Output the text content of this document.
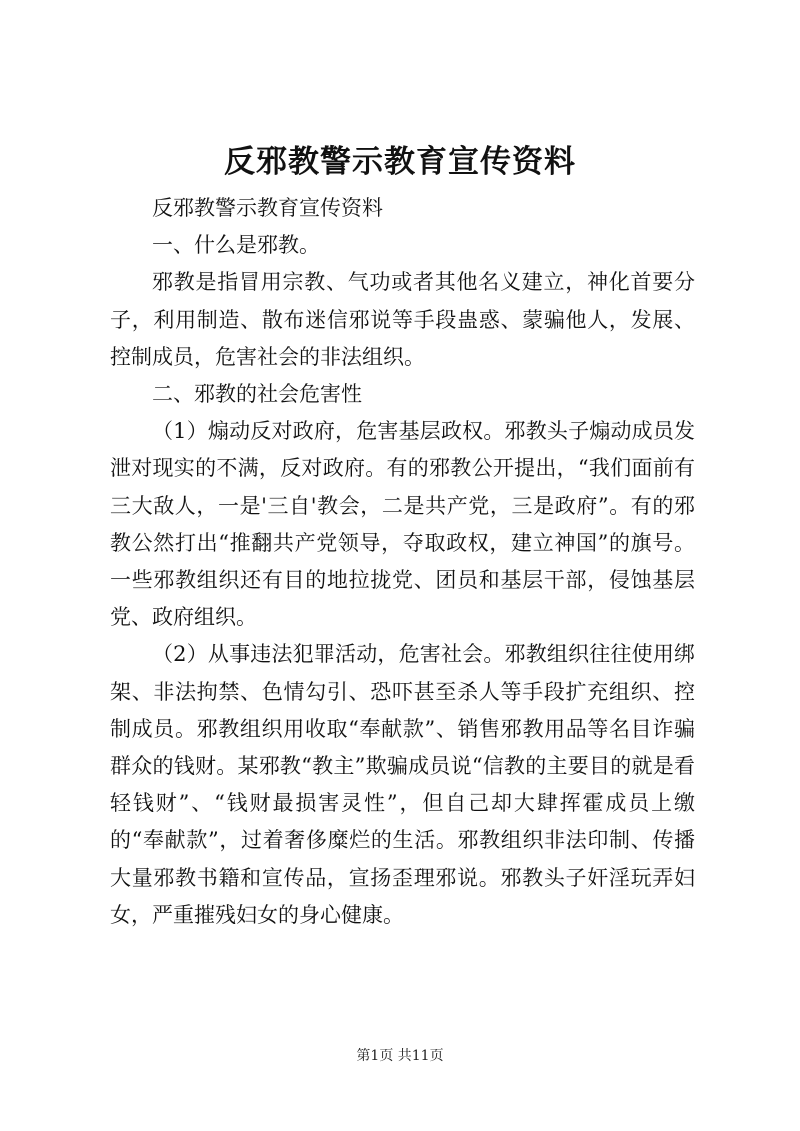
反邪教警示教育宣传资料

反邪教警示教育宣传资料

一、什么是邪教。

邪教是指冒用宗教、气功或者其他名义建立，神化首要分子，利用制造、散布迷信邪说等手段蛊惑、蒙骗他人，发展、控制成员，危害社会的非法组织。

二、邪教的社会危害性

（1）煽动反对政府，危害基层政权。邪教头子煽动成员发泄对现实的不满，反对政府。有的邪教公开提出，“我们面前有三大敌人，一是'三自'教会，二是共产党，三是政府”。有的邪教公然打出“推翻共产党领导，夺取政权，建立神国”的旗号。一些邪教组织还有目的地拉拢党、团员和基层干部，侵蚀基层党、政府组织。

（2）从事违法犯罪活动，危害社会。邪教组织往往使用绑架、非法拘禁、色情勾引、恐吓甚至杀人等手段扩充组织、控制成员。邪教组织用收取“奉献款”、销售邪教用品等名目诈骗群众的钱财。某邪教“教主”欺骗成员说“信教的主要目的就是看轻钱财”、“钱财最损害灵性”，但自己却大肆挥霍成员上缴的“奉献款”，过着奢侈糜烂的生活。邪教组织非法印制、传播大量邪教书籍和宣传品，宣扬歪理邪说。邪教头子奸淫玩弄妇女，严重摧残妇女的身心健康。

第1页 共11页
